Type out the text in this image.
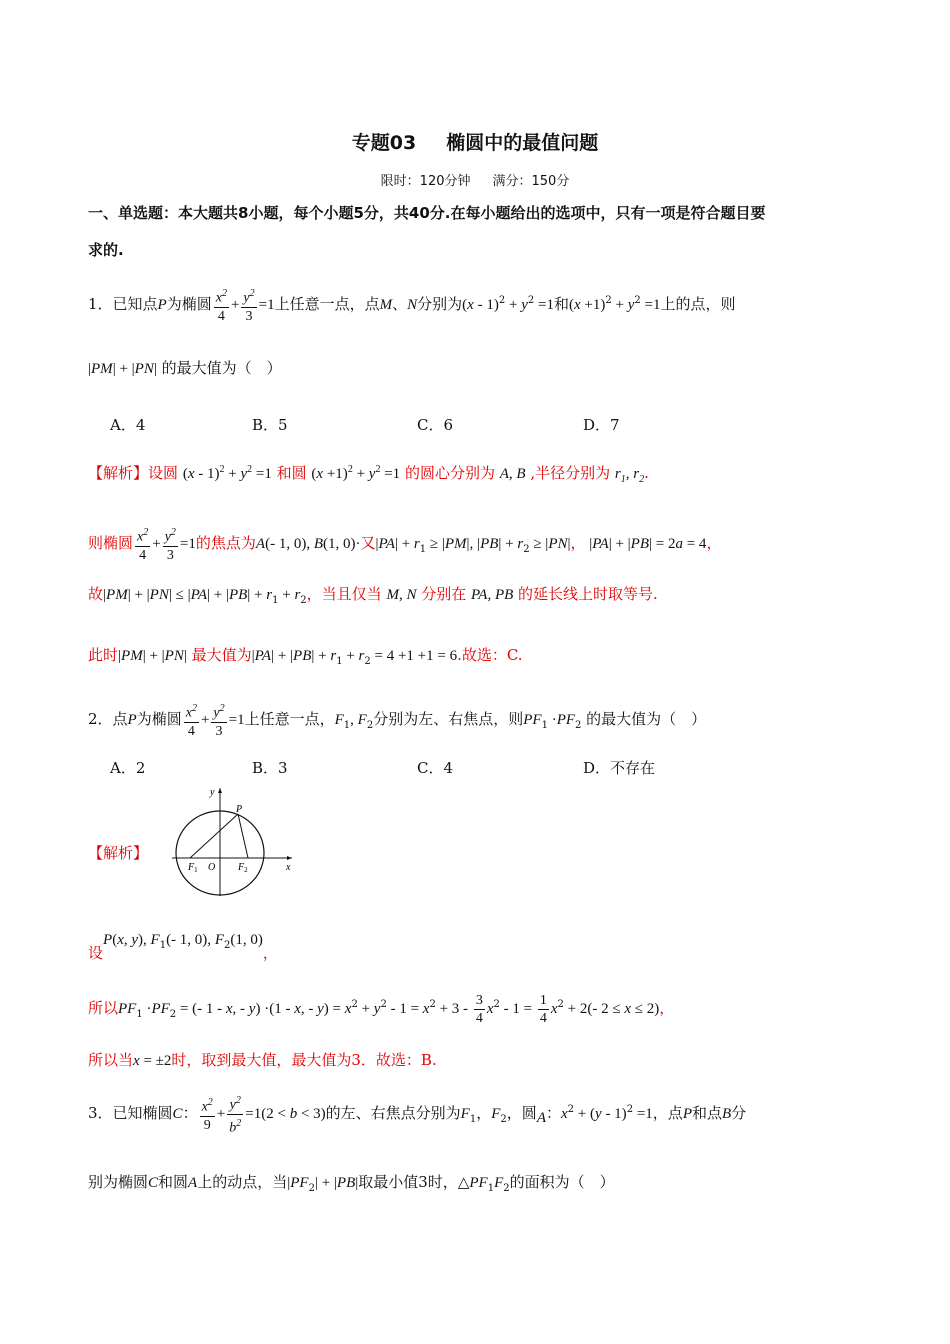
专题03 椭圆中的最值问题
限时：120分钟 满分：150分
一、单选题：本大题共8小题，每个小题5分，共40分.在每小题给出的选项中，只有一项是符合题目要
求的.
1．已知点P为椭圆 $\frac{x^2}{4} + \frac{y^2}{3} =1$上任意一点，点M、N分别为$(x - 1)^2 + y^2 =1$和$(x +1)^2 + y^2 =1$上的点，则
|PM| + |PN| 的最大值为（　）
A．4	B．5	C．6	D．7
【解析】设圆 $(x - 1)^2 + y^2 =1$ 和圆 $(x +1)^2 + y^2 =1$ 的圆心分别为 A, B ,半径分别为 $r_1$, $r_2$.
则椭圆 $\frac{x^2}{4} + \frac{y^2}{3} =1$的焦点为A(- 1, 0), B(1, 0)·又$|PA| + r_1 \ge |PM|$, $|PB| + r_2 \ge |PN|$， |PA| + |PB| = 2a = 4，
故$|PM| + |PN| \le |PA| + |PB| + r_1 + r_2$，当且仅当 M, N 分别在 PA, PB 的延长线上时取等号.
此时|PM| + |PN| 最大值为$|PA| + |PB| + r_1 + r_2 = 4 +1 +1 = 6$.故选：C.
2．点P为椭圆 $\frac{x^2}{4} + \frac{y^2}{3} =1$上任意一点，$F_1$, $F_2$分别为左、右焦点，则$PF_1 \cdot PF_2$ 的最大值为（　）
A．2	B．3	C．4	D．不存在
【解析】
y
x
P
O
$F_1$	$F_2$
设P(x, y), $F_1(-$ 1, 0), $F_2(1$, 0)，
所以$PF_1 \cdot PF_2$ = (- 1 - x, - y) ·(1 - x, - $y) = x^2 + y^2 - 1 = x^2 + 3 - \frac{3}{4} x^2 - 1 = \frac{1}{4} x^2 + 2(-$ 2 ≤ x ≤ 2)，
所以当x = ±2时，取到最大值，最大值为3．故选：B.
3．已知椭圆C： $\frac{x^2}{9} + \frac{y^2}{b^2} =1(2 < b < 3)$的左、右焦点分别为$F_1$，$F_2$，圆$_A$：$x^2 + (y - 1)^2 =1$，点P和点B分
别为椭圆C和圆A上的动点，当$|PF_2| + |PB|$取最小值3时，$\triangle PF_1F_2$的面积为（　）
